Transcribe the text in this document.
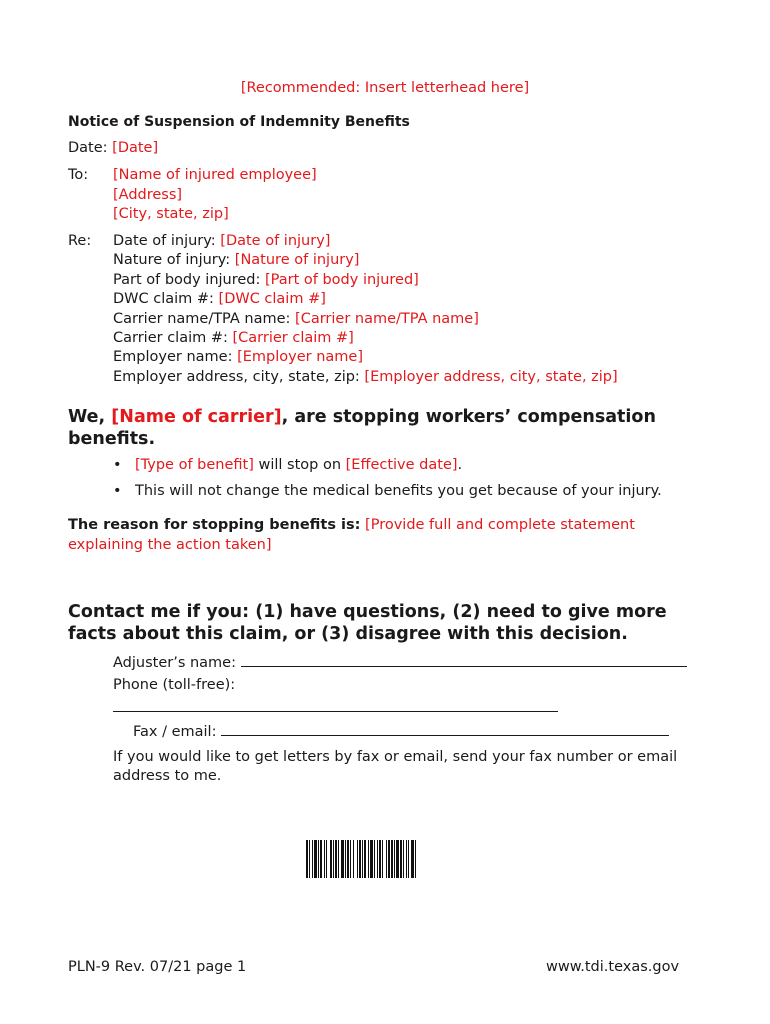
[Recommended: Insert letterhead here]
Notice of Suspension of Indemnity Benefits
Date: [Date]
To: [Name of injured employee]
[Address]
[City, state, zip]
Re: Date of injury: [Date of injury]
Nature of injury: [Nature of injury]
Part of body injured: [Part of body injured]
DWC claim #: [DWC claim #]
Carrier name/TPA name: [Carrier name/TPA name]
Carrier claim #: [Carrier claim #]
Employer name: [Employer name]
Employer address, city, state, zip: [Employer address, city, state, zip]
We, [Name of carrier], are stopping workers’ compensation
benefits.
• [Type of benefit] will stop on [Effective date].
• This will not change the medical benefits you get because of your injury.
The reason for stopping benefits is: [Provide full and complete statement explaining the action taken]
Contact me if you: (1) have questions, (2) need to give more
facts about this claim, or (3) disagree with this decision.
Adjuster’s name:
Phone (toll-free):
Fax / email:
If you would like to get letters by fax or email, send your fax number or email
address to me.
PLN-9 Rev. 07/21 page 1	www.tdi.texas.gov
